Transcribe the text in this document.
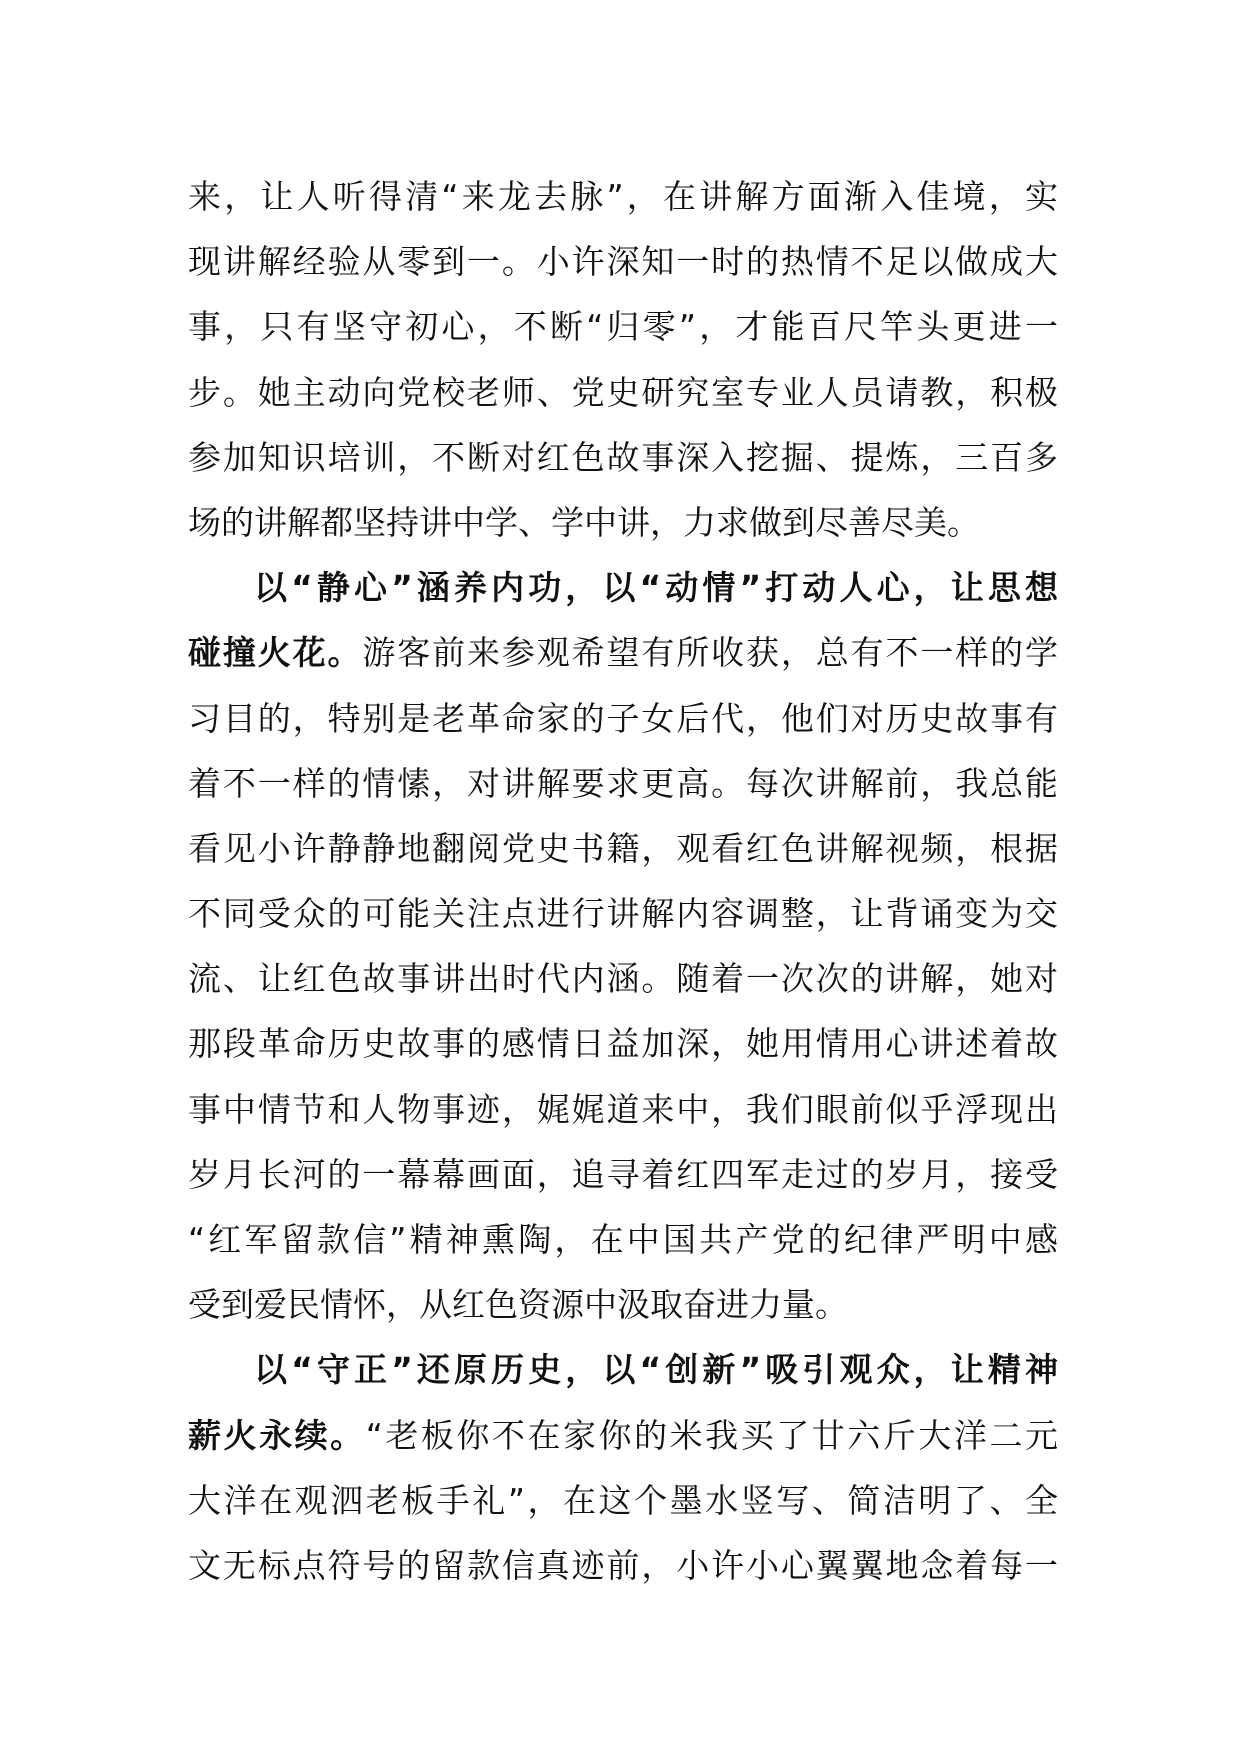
来，让人听得清“来龙去脉”，在讲解方面渐入佳境，实
现讲解经验从零到一。小许深知一时的热情不足以做成大
事，只有坚守初心，不断“归零”，才能百尺竿头更进一
步。她主动向党校老师、党史研究室专业人员请教，积极
参加知识培训，不断对红色故事深入挖掘、提炼，三百多
场的讲解都坚持讲中学、学中讲，力求做到尽善尽美。
以“静心”涵养内功，以“动情”打动人心，让思想
碰撞火花。游客前来参观希望有所收获，总有不一样的学
习目的，特别是老革命家的子女后代，他们对历史故事有
着不一样的情愫，对讲解要求更高。每次讲解前，我总能
看见小许静静地翻阅党史书籍，观看红色讲解视频，根据
不同受众的可能关注点进行讲解内容调整，让背诵变为交
流、让红色故事讲出时代内涵。随着一次次的讲解，她对
那段革命历史故事的感情日益加深，她用情用心讲述着故
事中情节和人物事迹，娓娓道来中，我们眼前似乎浮现出
岁月长河的一幕幕画面，追寻着红四军走过的岁月，接受
“红军留款信”精神熏陶，在中国共产党的纪律严明中感
受到爱民情怀，从红色资源中汲取奋进力量。
以“守正”还原历史，以“创新”吸引观众，让精神
薪火永续。“老板你不在家你的米我买了廿六斤大洋二元
大洋在观泗老板手礼”，在这个墨水竖写、简洁明了、全
文无标点符号的留款信真迹前，小许小心翼翼地念着每一
